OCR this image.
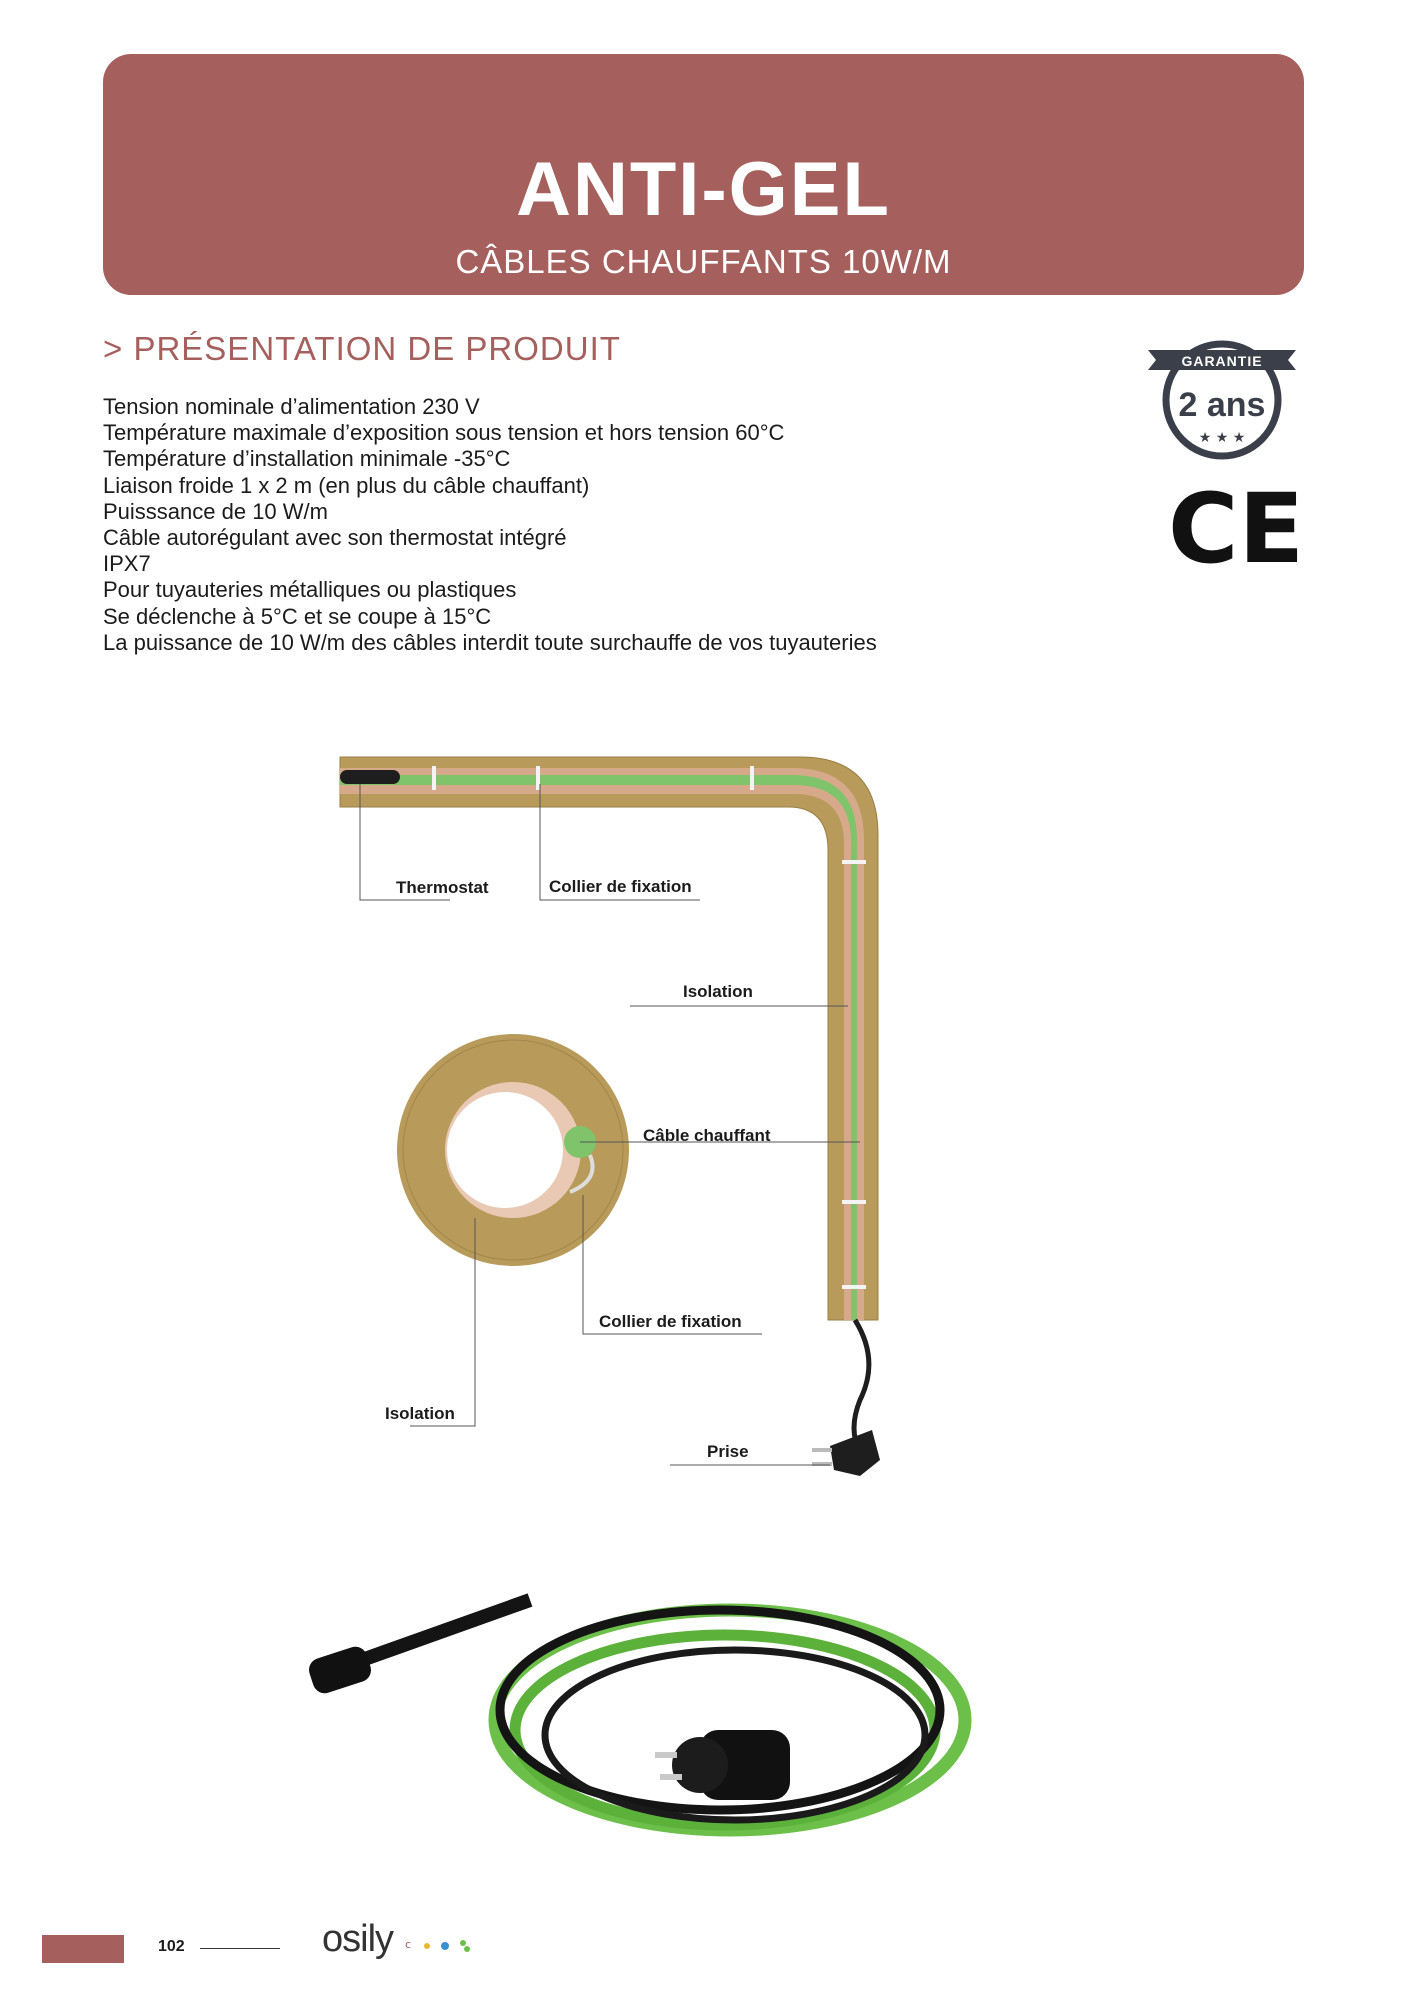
ANTI-GEL
CÂBLES CHAUFFANTS 10W/M
> PRÉSENTATION DE PRODUIT
Tension nominale d’alimentation 230 V
Température maximale d’exposition sous tension et hors tension 60°C
Température d’installation minimale -35°C
Liaison froide 1 x 2 m (en plus du câble chauffant)
Puisssance de 10 W/m
Câble autorégulant avec son thermostat intégré
IPX7
Pour tuyauteries métalliques ou plastiques
Se déclenche à 5°C et se coupe à 15°C
La puissance de 10 W/m des câbles interdit toute surchauffe de vos tuyauteries
GARANTIE
2 ans
★ ★ ★
CE
Thermostat	Collier de fixation
Isolation
Câble chauffant
Collier de fixation
Isolation
Prise
102	osily c
